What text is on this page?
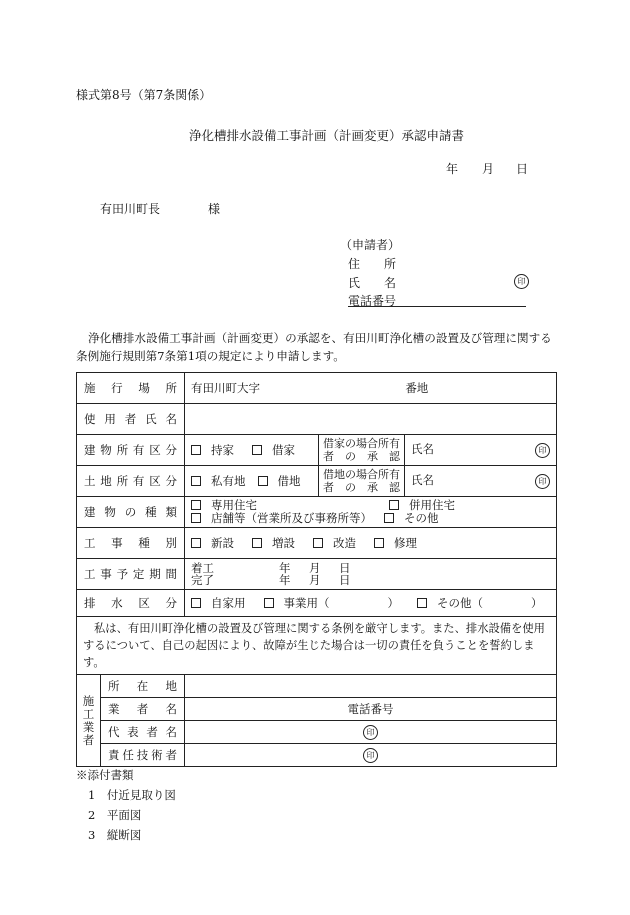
様式第8号（第7条関係）
浄化槽排水設備工事計画（計画変更）承認申請書
年 月 日
有田川町長	様
（申請者）
住　　所
氏　　名	印
電話番号
浄化槽排水設備工事計画（計画変更）の承認を、有田川町浄化槽の設置及び管理に関する条例施行規則第7条第1項の規定により申請します。
施行場所		有田川町大字 番地		
使用者氏名				
建物所有区分		持家 借家	借家の場合所有者の承認	氏名 印

土地所有区分		私有地 借地	借地の場合所有者の承認	氏名 印

建物の種類		専用住宅 併用住宅
店舗等（営業所及び事務所等） その他		

工事種別		新設 増設 改造 修理		
工事予定期間		着工 年 月 日
完了 年 月 日		

排水区分		自家用 事業用（ ） その他（ ）		

私は、有田川町浄化槽の設置及び管理に関する条例を厳守します。また、排水設備を使用するについて、自己の起因により、故障が生じた場合は一切の責任を負うことを誓約します。				

施
工
業
者	所在地			
	業者名	電話番号		
	代表者名	印		
	責任技術者	印		
※添付書類
1　付近見取り図
2　平面図
3　縦断図
